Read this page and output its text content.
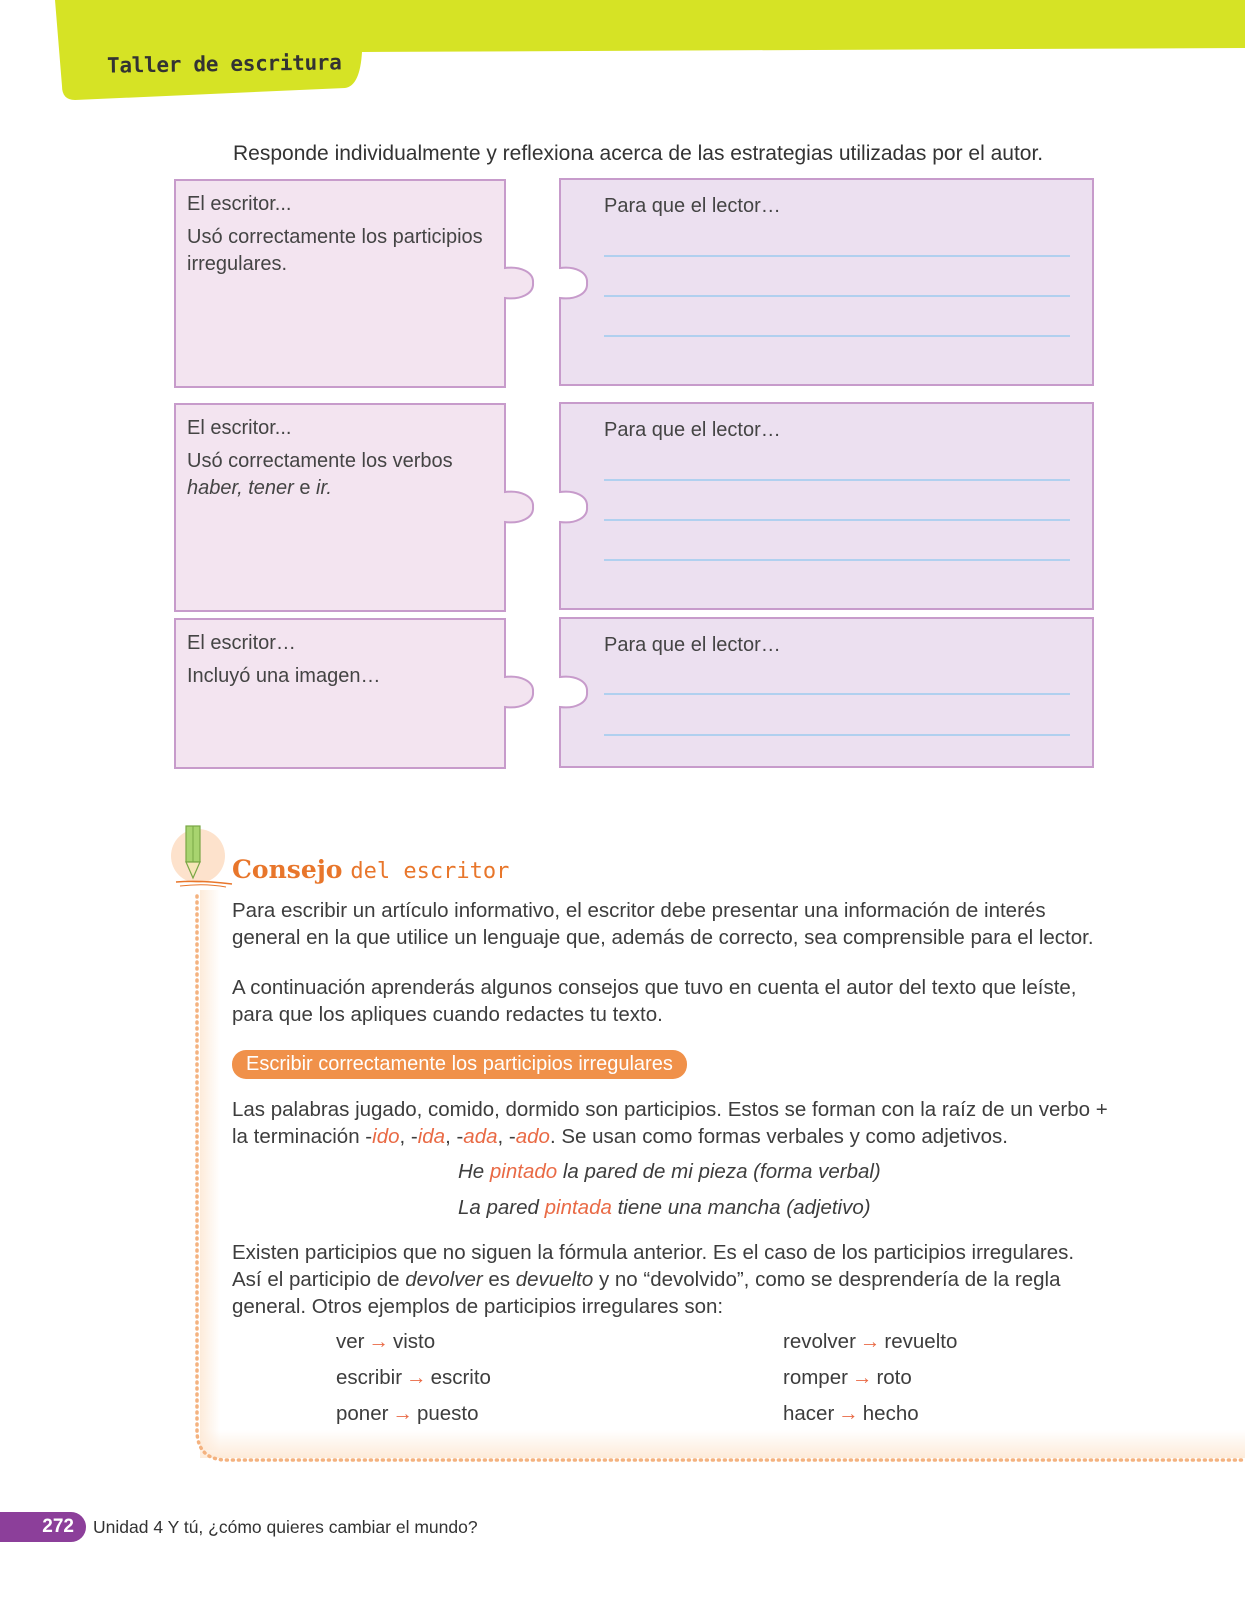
Taller de escritura
Responde individualmente y reflexiona acerca de las estrategias utilizadas por el autor.
El escritor...
Usó correctamente los participios
irregulares.
Para que el lector…
El escritor...
Usó correctamente los verbos
haber, tener e ir.
Para que el lector…
El escritor…
Incluyó una imagen…
Para que el lector…
Consejo del escritor
Para escribir un artículo informativo, el escritor debe presentar una información de interés general en la que utilice un lenguaje que, además de correcto, sea comprensible para el lector.
A continuación aprenderás algunos consejos que tuvo en cuenta el autor del texto que leíste, para que los apliques cuando redactes tu texto.
Escribir correctamente los participios irregulares
Las palabras jugado, comido, dormido son participios. Estos se forman con la raíz de un verbo + la terminación -ido, -ida, -ada, -ado. Se usan como formas verbales y como adjetivos.
He pintado la pared de mi pieza (forma verbal)
La pared pintada tiene una mancha (adjetivo)
Existen participios que no siguen la fórmula anterior. Es el caso de los participios irregulares. Así el participio de devolver es devuelto y no “devolvido”, como se desprendería de la regla general. Otros ejemplos de participios irregulares son:
ver → visto
escribir → escrito
poner → puesto
revolver → revuelto
romper → roto
hacer → hecho
272	Unidad 4 Y tú, ¿cómo quieres cambiar el mundo?
